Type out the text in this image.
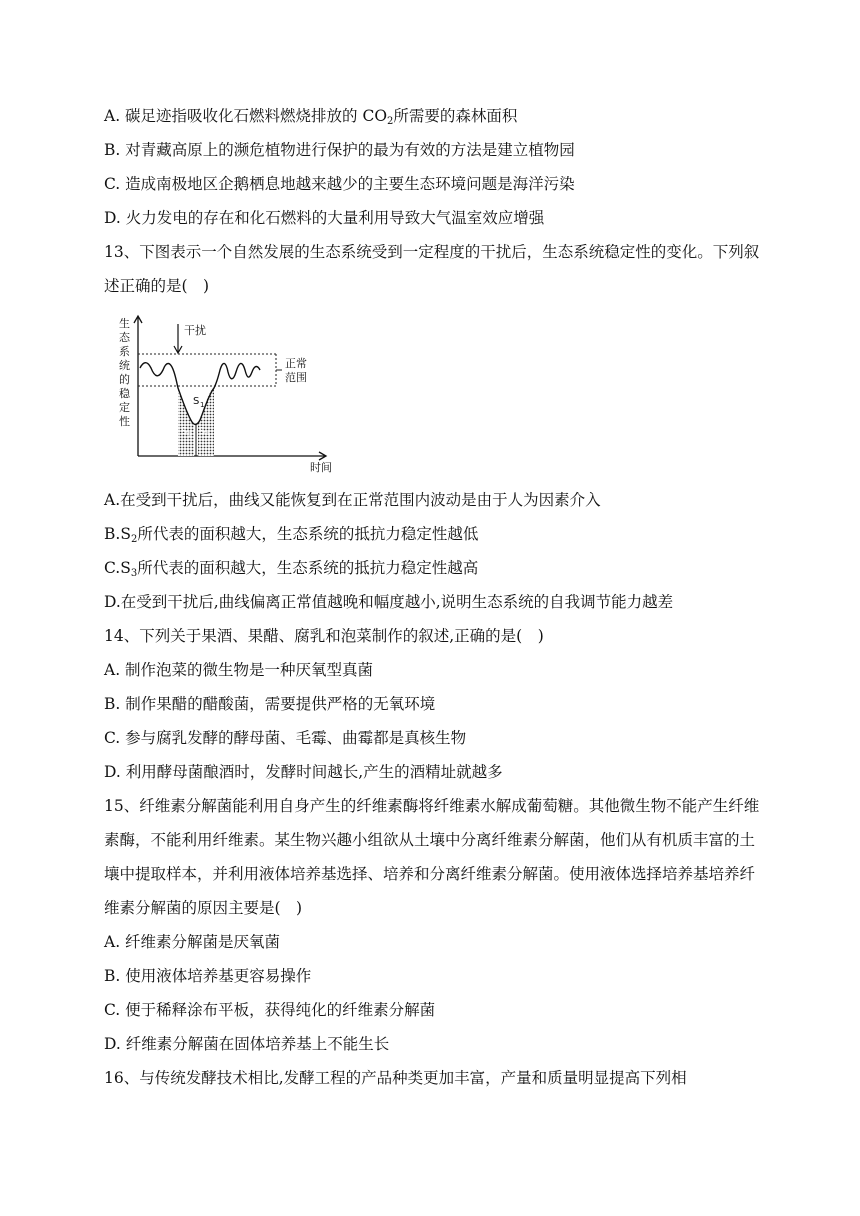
A. 碳足迹指吸收化石燃料燃烧排放的 $CO_2$所需要的森林面积
B. 对青藏高原上的濒危植物进行保护的最为有效的方法是建立植物园
C. 造成南极地区企鹅栖息地越来越少的主要生态环境问题是海洋污染
D. 火力发电的存在和化石燃料的大量利用导致大气温室效应增强
13、下图表示一个自然发展的生态系统受到一定程度的干扰后，生态系统稳定性的变化。下列叙述正确的是(　)
生
态
系
统
的
稳
定
性
时间
正常
范围
干扰
S 1
S 2 S 3
A.在受到干扰后，曲线又能恢复到在正常范围内波动是由于人为因素介入
$B.S_2$所代表的面积越大，生态系统的抵抗力稳定性越低
$C.S_3$所代表的面积越大，生态系统的抵抗力稳定性越高
D.在受到干扰后,曲线偏离正常值越晚和幅度越小,说明生态系统的自我调节能力越差
14、下列关于果酒、果醋、腐乳和泡菜制作的叙述,正确的是(　)
A. 制作泡菜的微生物是一种厌氧型真菌
B. 制作果醋的醋酸菌，需要提供严格的无氧环境
C. 参与腐乳发酵的酵母菌、毛霉、曲霉都是真核生物
D. 利用酵母菌酿酒时，发酵时间越长,产生的酒精址就越多
15、纤维素分解菌能利用自身产生的纤维素酶将纤维素水解成葡萄糖。其他微生物不能产生纤维素酶，不能利用纤维素。某生物兴趣小组欲从土壤中分离纤维素分解菌，他们从有机质丰富的土壤中提取样本，并利用液体培养基选择、培养和分离纤维素分解菌。使用液体选择培养基培养纤维素分解菌的原因主要是(　)
A. 纤维素分解菌是厌氧菌
B. 使用液体培养基更容易操作
C. 便于稀释涂布平板，获得纯化的纤维素分解菌
D. 纤维素分解菌在固体培养基上不能生长
16、与传统发酵技术相比,发酵工程的产品种类更加丰富，产量和质量明显提高下列相
